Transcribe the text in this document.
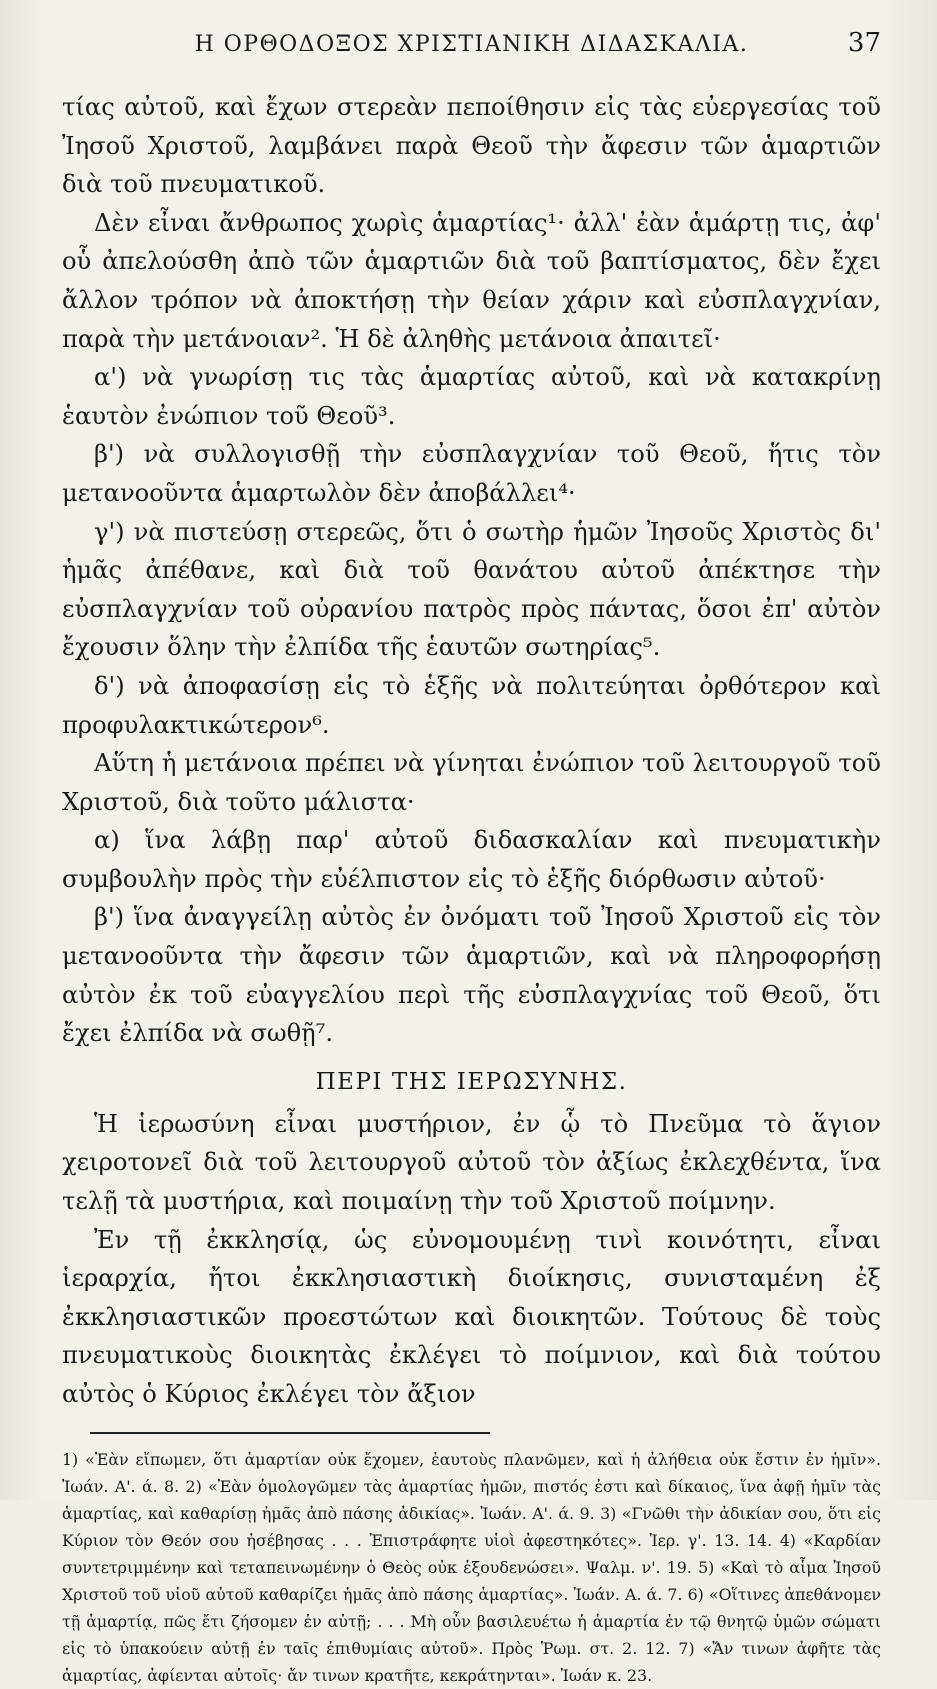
Η ΟΡΘΟΔΟΞΟΣ ΧΡΙΣΤΙΑΝΙΚΗ ΔΙΔΑΣΚΑΛΙΑ.	37

τίας αὐτοῦ, καὶ ἔχων στερεὰν πεποίθησιν εἰς τὰς εὐεργεσίας τοῦ Ἰησοῦ Χριστοῦ, λαμβάνει παρὰ Θεοῦ τὴν ἄφεσιν τῶν ἁμαρτιῶν διὰ τοῦ πνευματικοῦ.

Δὲν εἶναι ἄνθρωπος χωρὶς ἁμαρτίας¹· ἀλλ' ἐὰν ἁμάρτῃ τις, ἀφ' οὗ ἀπελούσθη ἀπὸ τῶν ἁμαρτιῶν διὰ τοῦ βαπτίσματος, δὲν ἔχει ἄλλον τρόπον νὰ ἀποκτήσῃ τὴν θείαν χάριν καὶ εὐσπλαγχνίαν, παρὰ τὴν μετάνοιαν². Ἡ δὲ ἀληθὴς μετάνοια ἀπαιτεῖ·

α') νὰ γνωρίσῃ τις τὰς ἁμαρτίας αὐτοῦ, καὶ νὰ κατακρίνῃ ἑαυτὸν ἐνώπιον τοῦ Θεοῦ³.

β') νὰ συλλογισθῇ τὴν εὐσπλαγχνίαν τοῦ Θεοῦ, ἥτις τὸν μετανοοῦντα ἁμαρτωλὸν δὲν ἀποβάλλει⁴·

γ') νὰ πιστεύσῃ στερεῶς, ὅτι ὁ σωτὴρ ἡμῶν Ἰησοῦς Χριστὸς δι' ἡμᾶς ἀπέθανε, καὶ διὰ τοῦ θανάτου αὐτοῦ ἀπέκτησε τὴν εὐσπλαγχνίαν τοῦ οὐρανίου πατρὸς πρὸς πάντας, ὅσοι ἐπ' αὐτὸν ἔχουσιν ὅλην τὴν ἐλπίδα τῆς ἑαυτῶν σωτηρίας⁵.

δ') νὰ ἀποφασίσῃ εἰς τὸ ἑξῆς νὰ πολιτεύηται ὀρθότερον καὶ προφυλακτικώτερον⁶.

Αὕτη ἡ μετάνοια πρέπει νὰ γίνηται ἐνώπιον τοῦ λειτουργοῦ τοῦ Χριστοῦ, διὰ τοῦτο μάλιστα·

α) ἵνα λάβῃ παρ' αὐτοῦ διδασκαλίαν καὶ πνευματικὴν συμβουλὴν πρὸς τὴν εὐέλπιστον εἰς τὸ ἑξῆς διόρθωσιν αὐτοῦ·

β') ἵνα ἀναγγείλῃ αὐτὸς ἐν ὀνόματι τοῦ Ἰησοῦ Χριστοῦ εἰς τὸν μετανοοῦντα τὴν ἄφεσιν τῶν ἁμαρτιῶν, καὶ νὰ πληροφορήσῃ αὐτὸν ἐκ τοῦ εὐαγγελίου περὶ τῆς εὐσπλαγχνίας τοῦ Θεοῦ, ὅτι ἔχει ἐλπίδα νὰ σωθῇ⁷.

ΠΕΡΙ ΤΗΣ ΙΕΡΩΣΥΝΗΣ.

Ἡ ἱερωσύνη εἶναι μυστήριον, ἐν ᾧ τὸ Πνεῦμα τὸ ἅγιον χειροτονεῖ διὰ τοῦ λειτουργοῦ αὐτοῦ τὸν ἀξίως ἐκλεχθέντα, ἵνα τελῇ τὰ μυστήρια, καὶ ποιμαίνῃ τὴν τοῦ Χριστοῦ ποίμνην.

Ἐν τῇ ἐκκλησίᾳ, ὡς εὐνομουμένῃ τινὶ κοινότητι, εἶναι ἱεραρχία, ἤτοι ἐκκλησιαστικὴ διοίκησις, συνισταμένη ἐξ ἐκκλησιαστικῶν προεστώτων καὶ διοικητῶν. Τούτους δὲ τοὺς πνευματικοὺς διοικητὰς ἐκλέγει τὸ ποίμνιον, καὶ διὰ τούτου αὐτὸς ὁ Κύριος ἐκλέγει τὸν ἄξιον

1) «Ἐὰν εἴπωμεν, ὅτι ἁμαρτίαν οὐκ ἔχομεν, ἑαυτοὺς πλανῶμεν, καὶ ἡ ἀλήθεια οὐκ ἔστιν ἐν ἡμῖν». Ἰωάν. Α'. ά. 8. 2) «Ἐὰν ὁμολογῶμεν τὰς ἁμαρτίας ἡμῶν, πιστός ἐστι καὶ δίκαιος, ἵνα ἀφῇ ἡμῖν τὰς ἁμαρτίας, καὶ καθαρίσῃ ἡμᾶς ἀπὸ πάσης ἀδικίας». Ἰωάν. Α'. ά. 9. 3) «Γνῶθι τὴν ἀδικίαν σου, ὅτι εἰς Κύριον τὸν Θεόν σου ἠσέβησας . . . Ἐπιστράφητε υἱοὶ ἀφεστηκότες». Ἱερ. γ'. 13. 14. 4) «Καρδίαν συντετριμμένην καὶ τεταπεινωμένην ὁ Θεὸς οὐκ ἐξουδενώσει». Ψαλμ. ν'. 19. 5) «Καὶ τὸ αἷμα Ἰησοῦ Χριστοῦ τοῦ υἱοῦ αὐτοῦ καθαρίζει ἡμᾶς ἀπὸ πάσης ἁμαρτίας». Ἰωάν. Α. ά. 7. 6) «Οἵτινες ἀπεθάνομεν τῇ ἁμαρτίᾳ, πῶς ἔτι ζήσομεν ἐν αὐτῇ; . . . Μὴ οὖν βασιλευέτω ἡ ἁμαρτία ἐν τῷ θνητῷ ὑμῶν σώματι εἰς τὸ ὑπακούειν αὐτῇ ἐν ταῖς ἐπιθυμίαις αὐτοῦ». Πρὸς Ῥωμ. στ. 2. 12. 7) «Ἄν τινων ἀφῆτε τὰς ἁμαρτίας, ἀφίενται αὐτοῖς· ἄν τινων κρατῆτε, κεκράτηνται». Ἰωάν κ. 23.
